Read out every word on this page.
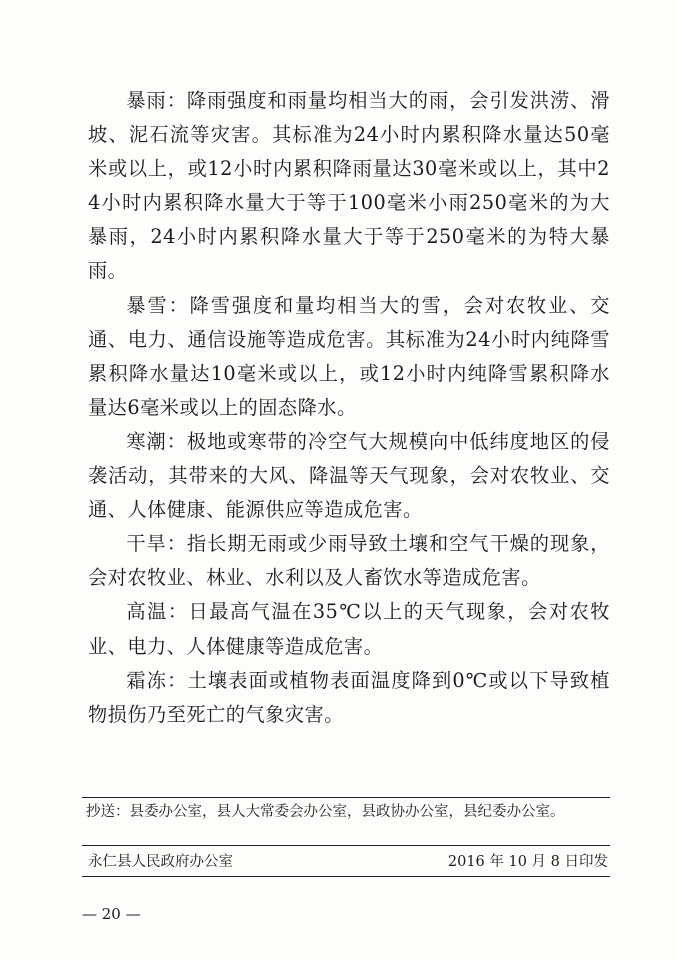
暴雨：降雨强度和雨量均相当大的雨，会引发洪涝、滑坡、泥石流等灾害。其标准为24小时内累积降水量达50毫米或以上，或12小时内累积降雨量达30毫米或以上，其中24小时内累积降水量大于等于100毫米小雨250毫米的为大暴雨，24小时内累积降水量大于等于250毫米的为特大暴雨。

暴雪：降雪强度和量均相当大的雪，会对农牧业、交通、电力、通信设施等造成危害。其标准为24小时内纯降雪累积降水量达10毫米或以上，或12小时内纯降雪累积降水量达6毫米或以上的固态降水。

寒潮：极地或寒带的冷空气大规模向中低纬度地区的侵袭活动，其带来的大风、降温等天气现象，会对农牧业、交通、人体健康、能源供应等造成危害。

干旱：指长期无雨或少雨导致土壤和空气干燥的现象，会对农牧业、林业、水利以及人畜饮水等造成危害。

高温：日最高气温在35℃以上的天气现象，会对农牧业、电力、人体健康等造成危害。

霜冻：土壤表面或植物表面温度降到0℃或以下导致植物损伤乃至死亡的气象灾害。

抄送：县委办公室，县人大常委会办公室，县政协办公室，县纪委办公室。
永仁县人民政府办公室	2016 年 10 月 8 日印发
— 20 —
